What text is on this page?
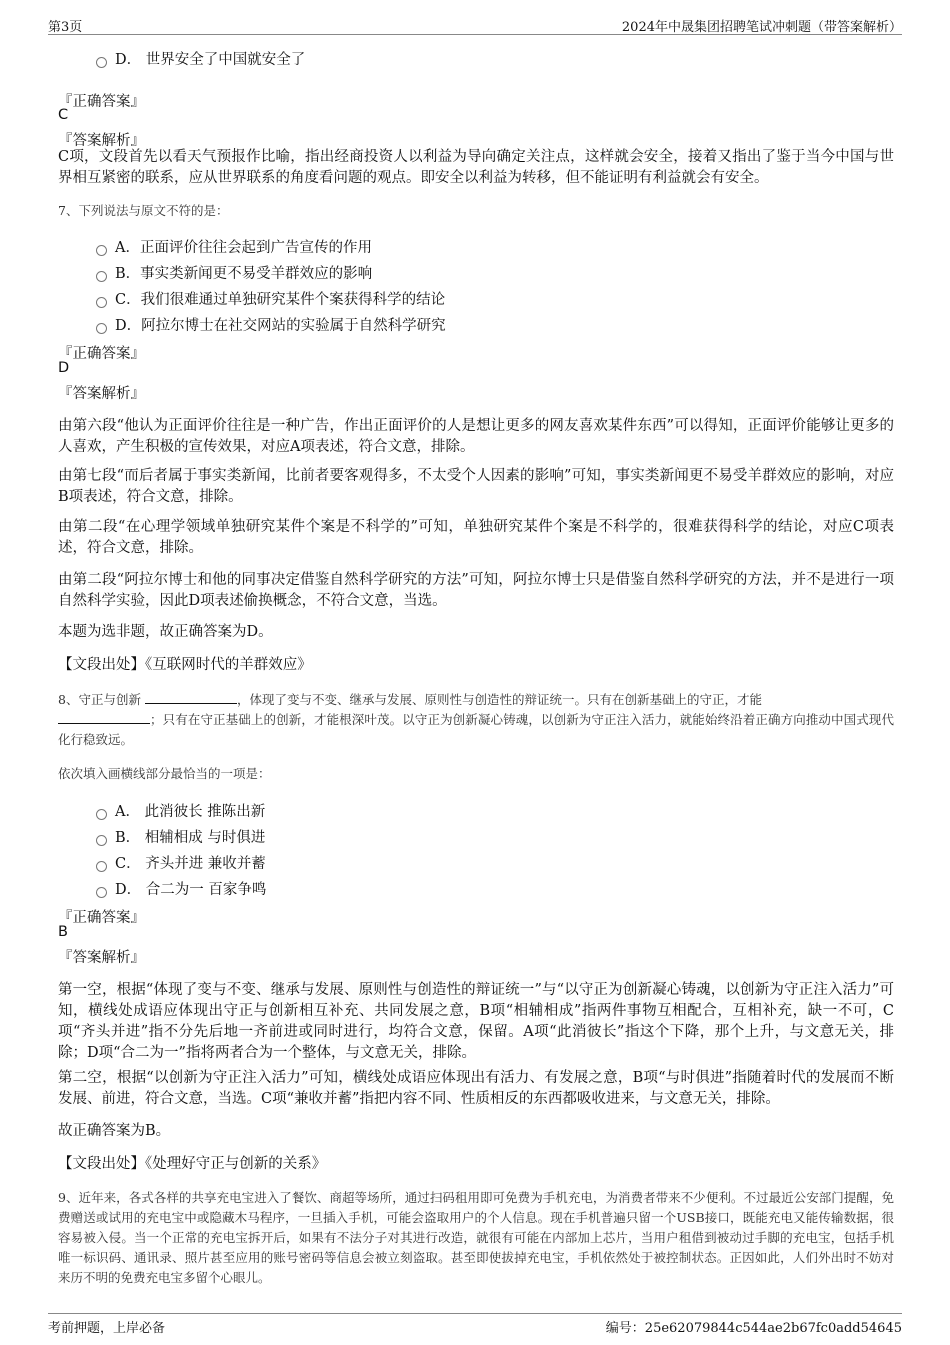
第3页	2024年中晟集团招聘笔试冲刺题（带答案解析）
D． 世界安全了中国就安全了
『正确答案』
C
『答案解析』
C项，文段首先以看天气预报作比喻，指出经商投资人以利益为导向确定关注点，这样就会安全，接着又指出了鉴于当今中国与世界相互紧密的联系，应从世界联系的角度看问题的观点。即安全以利益为转移，但不能证明有利益就会有安全。
7、下列说法与原文不符的是：
A．正面评价往往会起到广告宣传的作用
B．事实类新闻更不易受羊群效应的影响
C．我们很难通过单独研究某件个案获得科学的结论
D．阿拉尔博士在社交网站的实验属于自然科学研究
『正确答案』
D
『答案解析』
由第六段“他认为正面评价往往是一种广告，作出正面评价的人是想让更多的网友喜欢某件东西”可以得知，正面评价能够让更多的人喜欢，产生积极的宣传效果，对应A项表述，符合文意，排除。
由第七段“而后者属于事实类新闻，比前者要客观得多，不太受个人因素的影响”可知，事实类新闻更不易受羊群效应的影响，对应B项表述，符合文意，排除。
由第二段“在心理学领域单独研究某件个案是不科学的”可知，单独研究某件个案是不科学的，很难获得科学的结论，对应C项表述，符合文意，排除。
由第二段“阿拉尔博士和他的同事决定借鉴自然科学研究的方法”可知，阿拉尔博士只是借鉴自然科学研究的方法，并不是进行一项自然科学实验，因此D项表述偷换概念，不符合文意，当选。
本题为选非题，故正确答案为D。
【文段出处】《互联网时代的羊群效应》
8、守正与创新	，体现了变与不变、继承与发展、原则性与创造性的辩证统一。只有在创新基础上的守正，才能
；只有在守正基础上的创新，才能根深叶茂。以守正为创新凝心铸魂，以创新为守正注入活力，就能始终沿着正确方向推动中国式现代化行稳致远。
依次填入画横线部分最恰当的一项是：
A． 此消彼长 推陈出新
B． 相辅相成 与时俱进
C． 齐头并进 兼收并蓄
D． 合二为一 百家争鸣
『正确答案』
B
『答案解析』
第一空，根据“体现了变与不变、继承与发展、原则性与创造性的辩证统一”与“以守正为创新凝心铸魂，以创新为守正注入活力”可知，横线处成语应体现出守正与创新相互补充、共同发展之意，B项“相辅相成”指两件事物互相配合，互相补充，缺一不可，C项“齐头并进”指不分先后地一齐前进或同时进行，均符合文意，保留。A项“此消彼长”指这个下降，那个上升，与文意无关，排除；D项“合二为一”指将两者合为一个整体，与文意无关，排除。
第二空，根据“以创新为守正注入活力”可知，横线处成语应体现出有活力、有发展之意，B项“与时俱进”指随着时代的发展而不断发展、前进，符合文意，当选。C项“兼收并蓄”指把内容不同、性质相反的东西都吸收进来，与文意无关，排除。
故正确答案为B。
【文段出处】《处理好守正与创新的关系》
9、近年来，各式各样的共享充电宝进入了餐饮、商超等场所，通过扫码租用即可免费为手机充电，为消费者带来不少便利。不过最近公安部门提醒，免费赠送或试用的充电宝中或隐藏木马程序，一旦插入手机，可能会盗取用户的个人信息。现在手机普遍只留一个USB接口，既能充电又能传输数据，很容易被入侵。当一个正常的充电宝拆开后，如果有不法分子对其进行改造，就很有可能在内部加上芯片，当用户租借到被动过手脚的充电宝，包括手机唯一标识码、通讯录、照片甚至应用的账号密码等信息会被立刻盗取。甚至即使拔掉充电宝，手机依然处于被控制状态。正因如此，人们外出时不妨对来历不明的免费充电宝多留个心眼儿。
考前押题，上岸必备	编号：25e62079844c544ae2b67fc0add54645
